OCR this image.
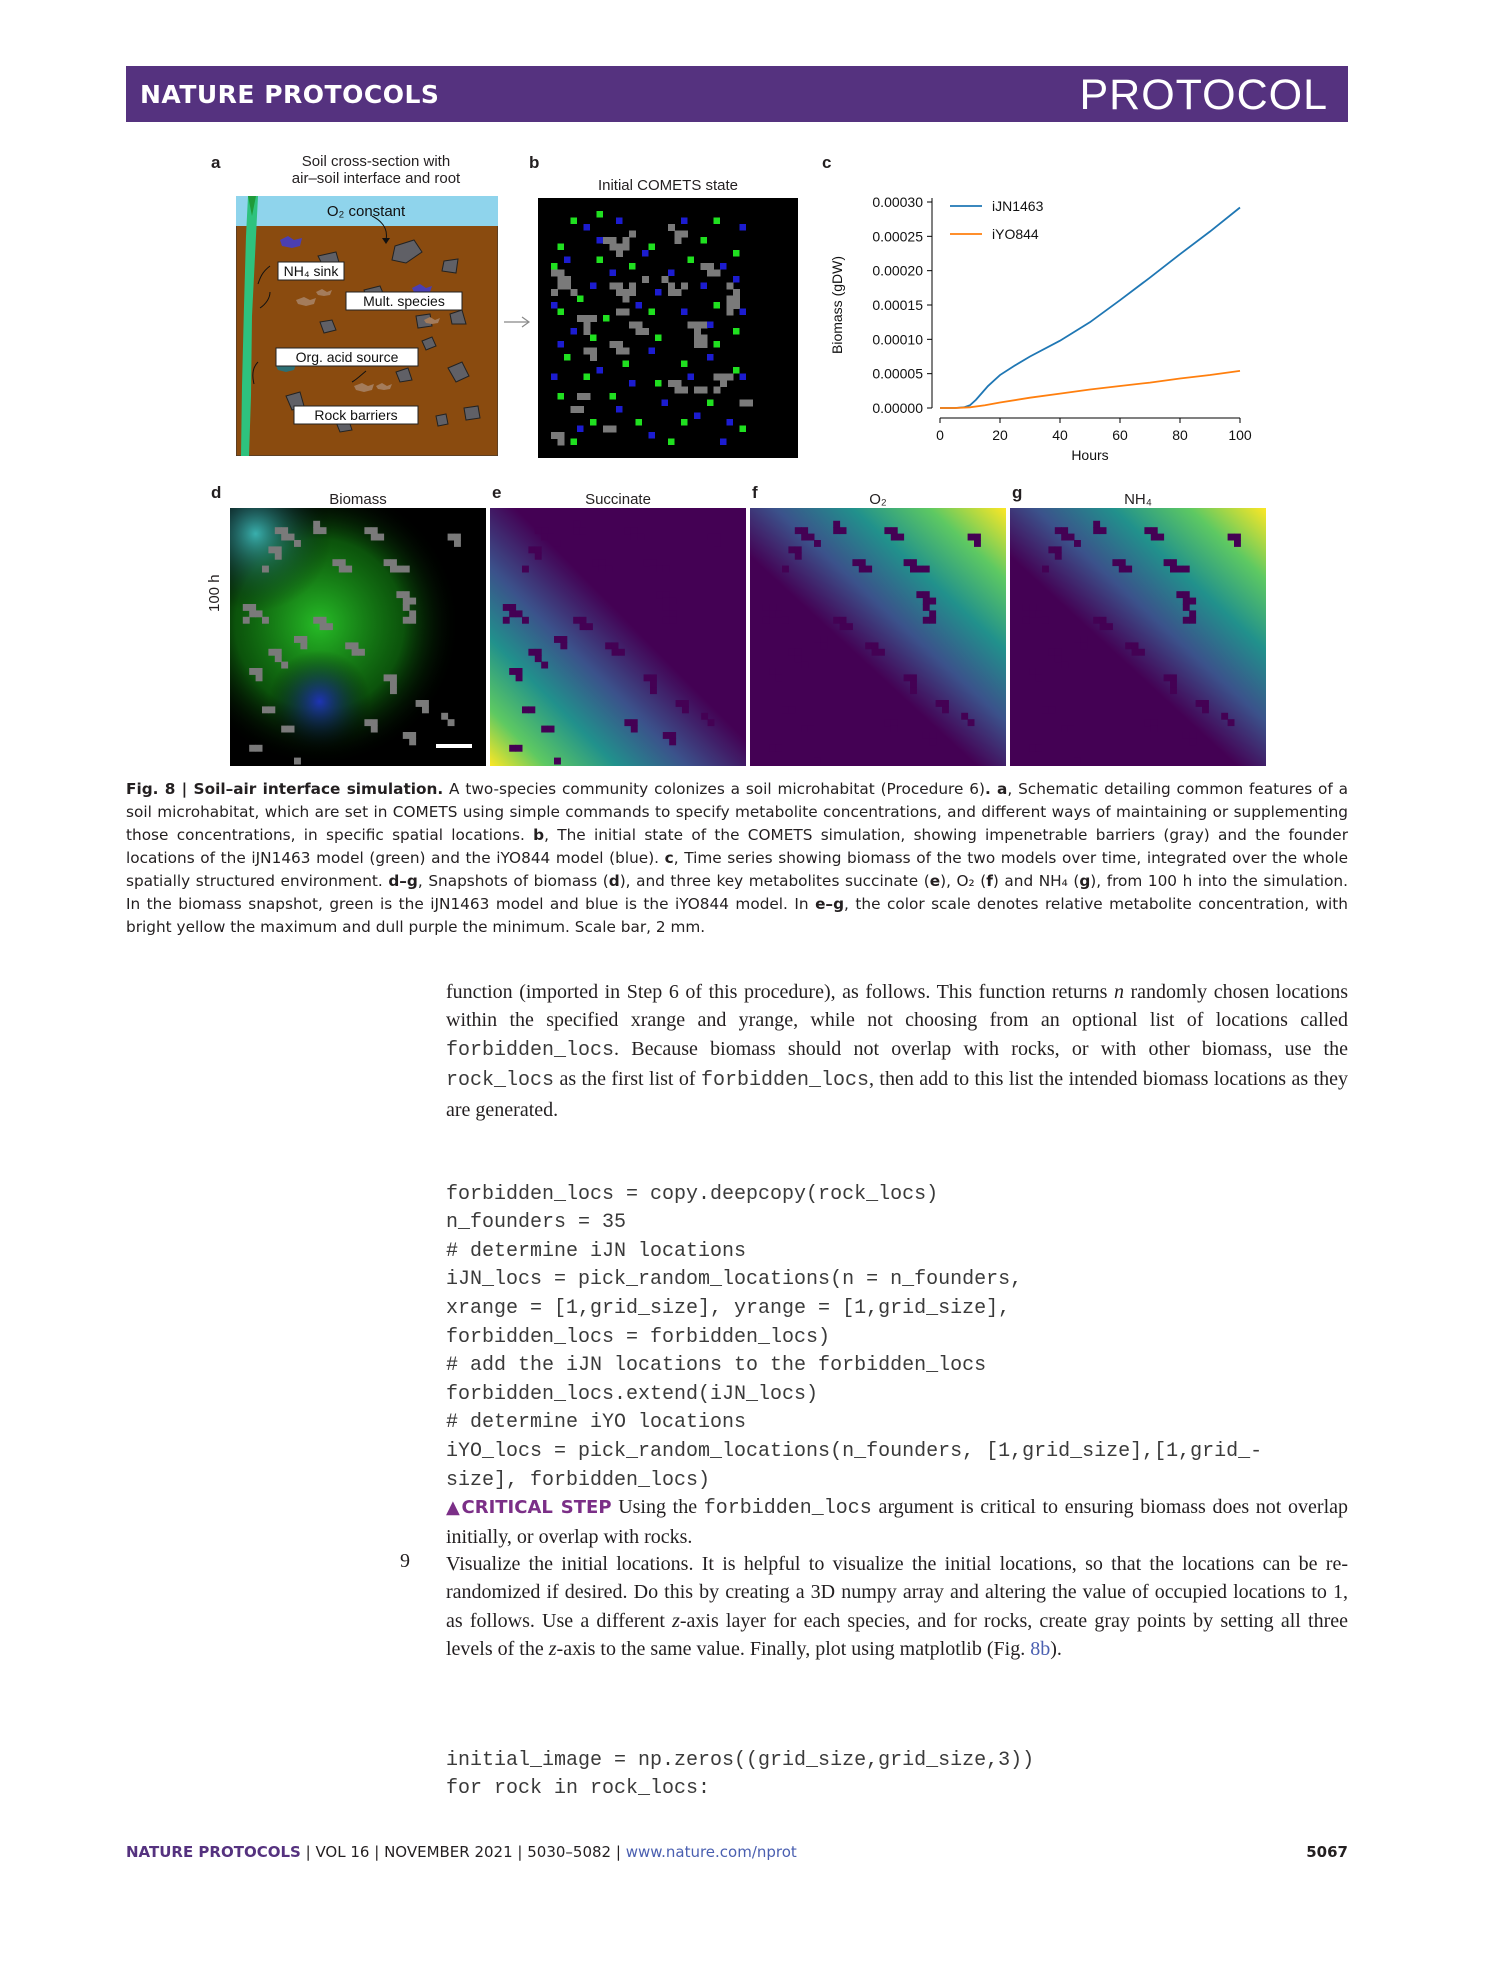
NATURE PROTOCOLS	PROTOCOL
a	Soil cross-section with
air–soil interface and root
O₂ constant
NH₄ sink
Mult. species
Org. acid source
Rock barriers
b
Initial COMETS state
c
0.00000
0.00005
0.00010
0.00015
0.00020
0.00025
0.00030
0	20	40	60	80	100
Hours
Biomass (gDW)
iJN1463
iYO844
d	Biomass
100 h
e	Succinate	f	O₂	g	NH₄
Fig. 8 | Soil–air interface simulation. A two-species community colonizes a soil microhabitat (Procedure 6). a, Schematic detailing common features of a soil microhabitat, which are set in COMETS using simple commands to specify metabolite concentrations, and different ways of maintaining or supplementing those concentrations, in specific spatial locations. b, The initial state of the COMETS simulation, showing impenetrable barriers (gray) and the founder locations of the iJN1463 model (green) and the iYO844 model (blue). c, Time series showing biomass of the two models over time, integrated over the whole spatially structured environment. d–g, Snapshots of biomass (d), and three key metabolites succinate (e), O₂ (f) and NH₄ (g), from 100 h into the simulation. In the biomass snapshot, green is the iJN1463 model and blue is the iYO844 model. In e–g, the color scale denotes relative metabolite concentration, with bright yellow the maximum and dull purple the minimum. Scale bar, 2 mm.
function (imported in Step 6 of this procedure), as follows. This function returns n randomly chosen locations within the specified xrange and yrange, while not choosing from an optional list of locations called forbidden_locs. Because biomass should not overlap with rocks, or with other biomass, use the rock_locs as the first list of forbidden_locs, then add to this list the intended biomass locations as they are generated.

forbidden_locs = copy.deepcopy(rock_locs)
n_founders = 35
# determine iJN locations
iJN_locs = pick_random_locations(n = n_founders,
xrange = [1,grid_size], yrange = [1,grid_size],
forbidden_locs = forbidden_locs)
# add the iJN locations to the forbidden_locs
forbidden_locs.extend(iJN_locs)
# determine iYO locations
iYO_locs = pick_random_locations(n_founders, [1,grid_size],[1,grid_-
size], forbidden_locs)

▲CRITICAL STEP Using the forbidden_locs argument is critical to ensuring biomass does not overlap initially, or overlap with rocks.
9 Visualize the initial locations. It is helpful to visualize the initial locations, so that the locations can be re-randomized if desired. Do this by creating a 3D numpy array and altering the value of occupied locations to 1, as follows. Use a different z-axis layer for each species, and for rocks, create gray points by setting all three levels of the z-axis to the same value. Finally, plot using matplotlib (Fig. 8b).

initial_image = np.zeros((grid_size,grid_size,3))
for rock in rock_locs:

NATURE PROTOCOLS | VOL 16 | NOVEMBER 2021 | 5030–5082 | www.nature.com/nprot	5067
